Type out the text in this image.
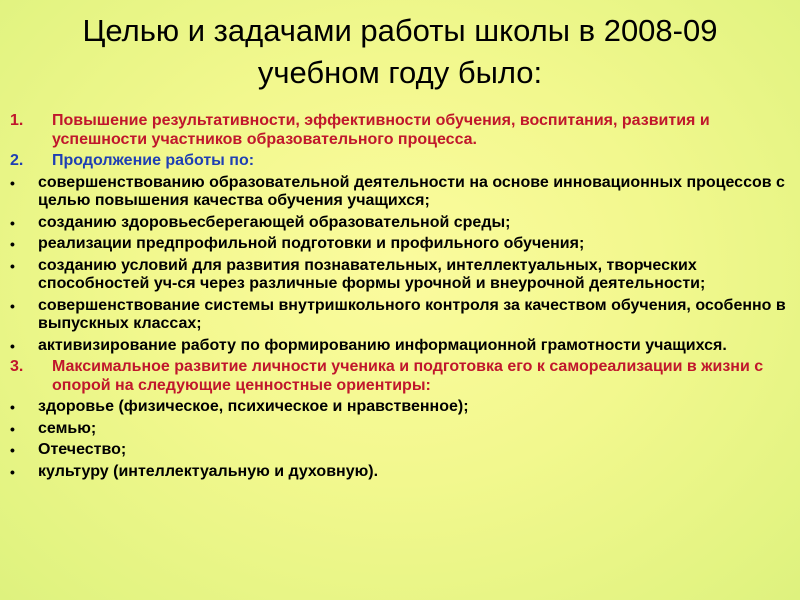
Целью и задачами работы школы в 2008-09 учебном году было:
1.	Повышение результативности, эффективности обучения, воспитания, развития и успешности участников образовательного процесса.
2.	Продолжение работы по:
• совершенствованию образовательной деятельности на основе инновационных процессов с целью повышения качества обучения учащихся;
• созданию здоровьесберегающей образовательной среды;
• реализации предпрофильной подготовки и профильного обучения;
• созданию условий для развития познавательных, интеллектуальных, творческих способностей уч-ся через различные формы урочной и внеурочной деятельности;
• совершенствование системы внутришкольного контроля за качеством обучения, особенно в выпускных классах;
• активизирование работу по формированию информационной грамотности учащихся.
3.	Максимальное развитие личности ученика и подготовка его к самореализации в жизни с опорой на следующие ценностные ориентиры:
• здоровье (физическое, психическое и нравственное);
• семью;
• Отечество;
• культуру (интеллектуальную и духовную).
